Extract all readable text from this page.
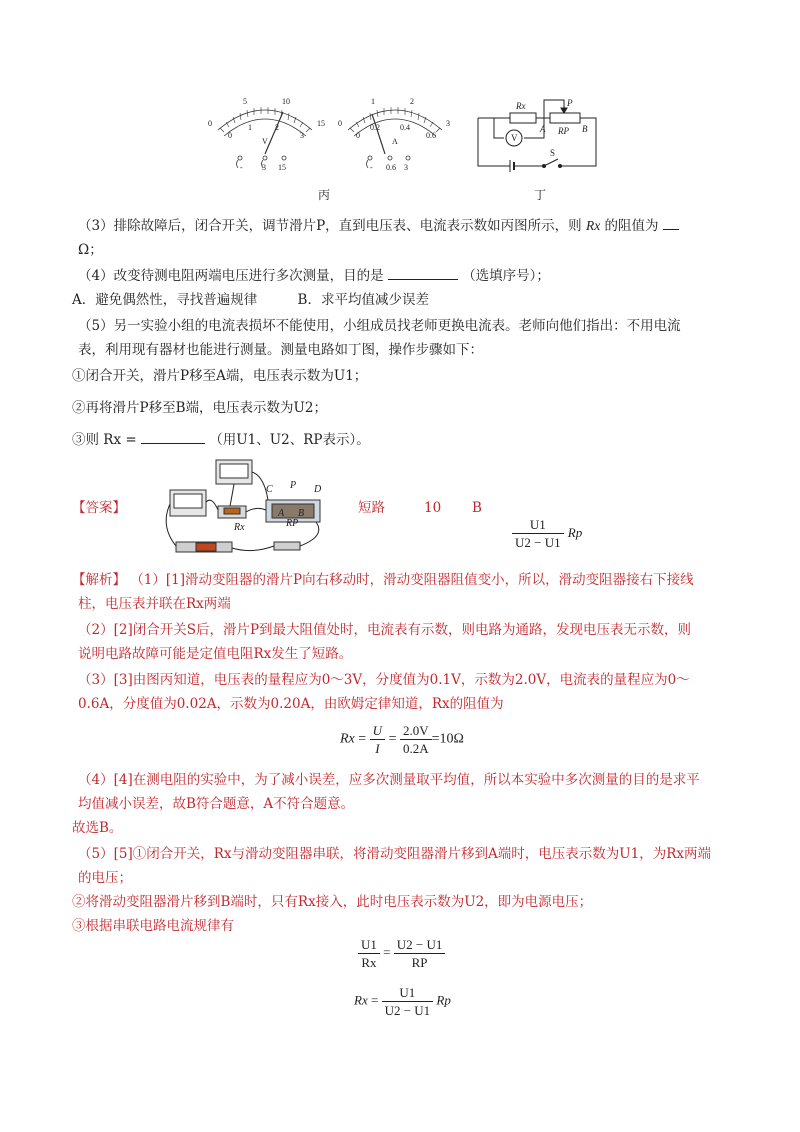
0
5	10
15
0
1	2
3
V
- 3 15
0
1	2
3
0
0.2	0.4
0.6
A
- 0.6 3
丙
Rx	P
A RP B
V
S
丁
（3）排除故障后，闭合开关，调节滑片P，直到电压表、电流表示数如丙图所示，则 Rx 的阻值为
Ω；
（4）改变待测电阻两端电压进行多次测量，目的是	（选填序号）；
A．避免偶然性，寻找普遍规律	B．求平均值减少误差
（5）另一实验小组的电流表损坏不能使用，小组成员找老师更换电流表。老师向他们指出：不用电流
表，利用现有器材也能进行测量。测量电路如丁图，操作步骤如下：
①闭合开关，滑片P移至A端，电压表示数为U1；
②再将滑片P移至B端，电压表示数为U2；
③则 Rx =	（用U1、U2、RP表示）。
【答案】
C P D
A B
RP
Rx
短路	10 B
$\frac{U1}{U2 - U1}$ Rp
【解析】 （1）[1]滑动变阻器的滑片P向右移动时，滑动变阻器阻值变小，所以，滑动变阻器接右下接线
柱，电压表并联在Rx两端
（2）[2]闭合开关S后，滑片P到最大阻值处时，电流表有示数，则电路为通路，发现电压表无示数，则
说明电路故障可能是定值电阻Rx发生了短路。
（3）[3]由图丙知道，电压表的量程应为0～3V，分度值为0.1V，示数为2.0V，电流表的量程应为0～
0.6A，分度值为0.02A，示数为0.20A，由欧姆定律知道，Rx的阻值为
$Rx = \frac{U}{I} = \frac{2.0V}{0.2A} =10\Omega$
（4）[4]在测电阻的实验中，为了减小误差，应多次测量取平均值，所以本实验中多次测量的目的是求平
均值减小误差，故B符合题意，A不符合题意。
故选B。
（5）[5]①闭合开关，Rx与滑动变阻器串联，将滑动变阻器滑片移到A端时，电压表示数为U1，为Rx两端
的电压；
②将滑动变阻器滑片移到B端时，只有Rx接入，此时电压表示数为U2，即为电源电压；
③根据串联电路电流规律有
$\frac{U1}{Rx} = \frac{U2 - U1}{RP}$
$Rx = \frac{U1}{U2 - U1}$ Rp
